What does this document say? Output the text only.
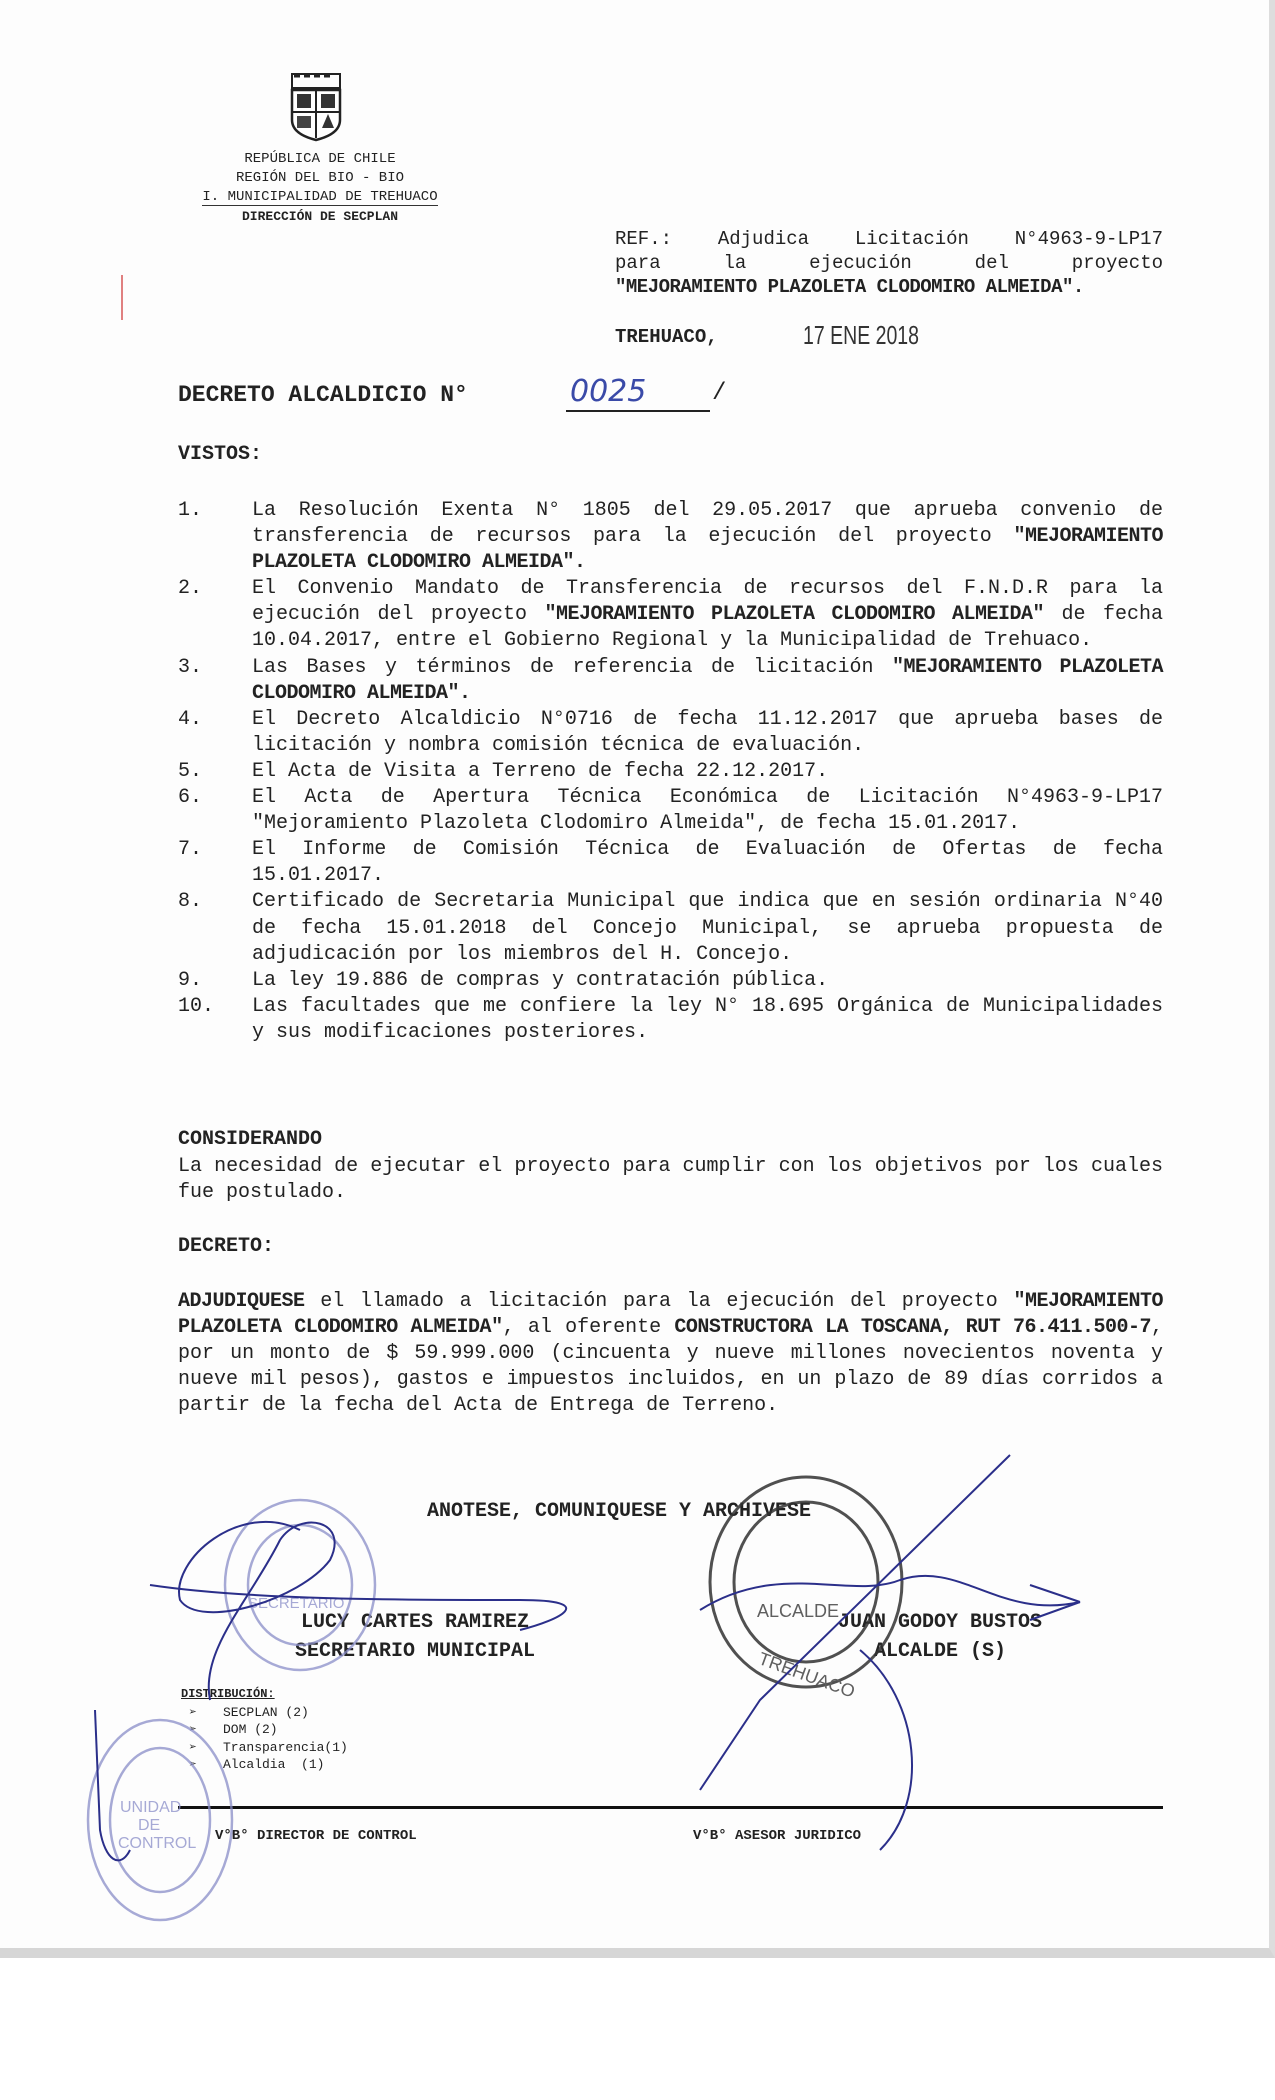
REPÚBLICA DE CHILE
REGIÓN DEL BIO - BIO
I. MUNICIPALIDAD DE TREHUACO
DIRECCIÓN DE SECPLAN
REF.: Adjudica Licitación N°4963-9-LP17
para la ejecución del proyecto
"MEJORAMIENTO PLAZOLETA CLODOMIRO ALMEIDA".
TREHUACO,	17 ENE 2018
DECRETO ALCALDICIO N°	0025	/
VISTOS:
1.	La Resolución Exenta N° 1805 del 29.05.2017 que aprueba convenio de transferencia de recursos para la ejecución del proyecto "MEJORAMIENTO PLAZOLETA CLODOMIRO ALMEIDA".
2.	El Convenio Mandato de Transferencia de recursos del F.N.D.R para la ejecución del proyecto "MEJORAMIENTO PLAZOLETA CLODOMIRO ALMEIDA" de fecha 10.04.2017, entre el Gobierno Regional y la Municipalidad de Trehuaco.
3.	Las Bases y términos de referencia de licitación "MEJORAMIENTO PLAZOLETA CLODOMIRO ALMEIDA".
4.	El Decreto Alcaldicio N°0716 de fecha 11.12.2017 que aprueba bases de licitación y nombra comisión técnica de evaluación.
5.	El Acta de Visita a Terreno de fecha 22.12.2017.
6.	El Acta de Apertura Técnica Económica de Licitación N°4963-9-LP17 "Mejoramiento Plazoleta Clodomiro Almeida", de fecha 15.01.2017.
7.	El Informe de Comisión Técnica de Evaluación de Ofertas de fecha 15.01.2017.
8.	Certificado de Secretaria Municipal que indica que en sesión ordinaria N°40 de fecha 15.01.2018 del Concejo Municipal, se aprueba propuesta de adjudicación por los miembros del H. Concejo.
9.	La ley 19.886 de compras y contratación pública.
10.	Las facultades que me confiere la ley N° 18.695 Orgánica de Municipalidades y sus modificaciones posteriores.
CONSIDERANDO
La necesidad de ejecutar el proyecto para cumplir con los objetivos por los cuales fue postulado.
DECRETO:
ADJUDIQUESE el llamado a licitación para la ejecución del proyecto "MEJORAMIENTO PLAZOLETA CLODOMIRO ALMEIDA", al oferente CONSTRUCTORA LA TOSCANA, RUT 76.411.500-7, por un monto de $ 59.999.000 (cincuenta y nueve millones novecientos noventa y nueve mil pesos), gastos e impuestos incluidos, en un plazo de 89 días corridos a partir de la fecha del Acta de Entrega de Terreno.
ANOTESE, COMUNIQUESE Y ARCHIVESE
LUCY CARTES RAMIREZ
SECRETARIO MUNICIPAL
JUAN GODOY BUSTOS
ALCALDE (S)
DISTRIBUCIÓN:
➢ SECPLAN (2)
➢ DOM (2)
➢ Transparencia(1)
➢ Alcaldia  (1)
V°B° DIRECTOR DE CONTROL	V°B° ASESOR JURIDICO
SECRETARIO	ALCALDE
TREHUACO
UNIDAD
DE
CONTROL
